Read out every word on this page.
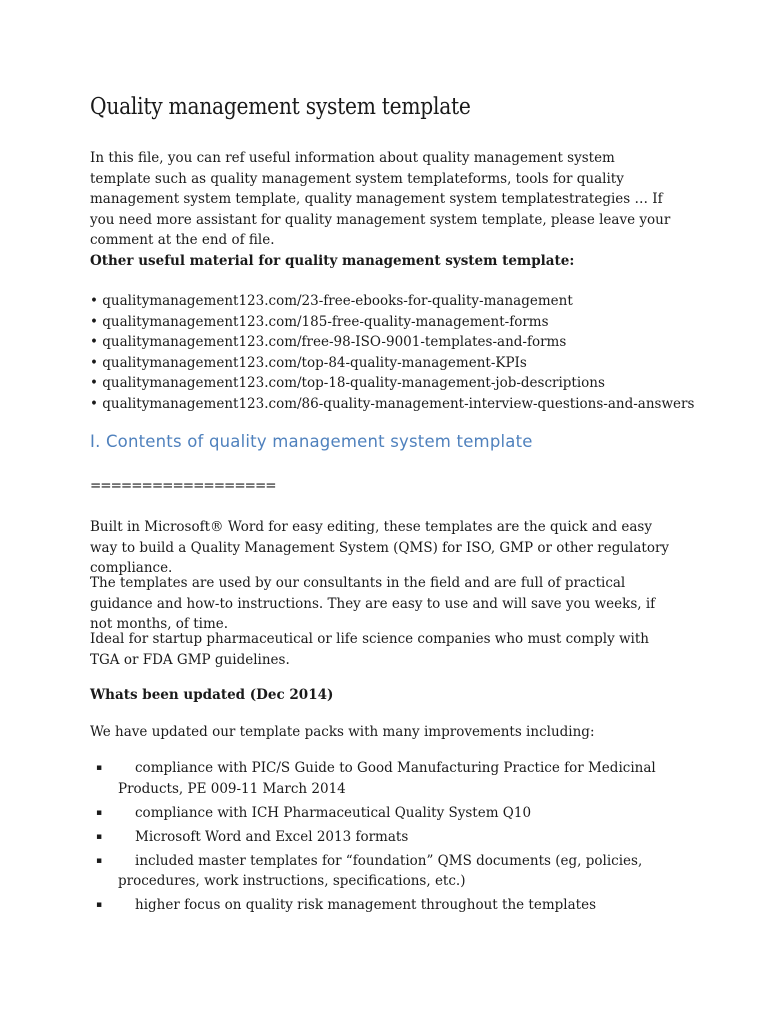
Quality management system template

In this file, you can ref useful information about quality management system template such as quality management system templateforms, tools for quality management system template, quality management system templatestrategies … If you need more assistant for quality management system template, please leave your comment at the end of file.

Other useful material for quality management system template:
• qualitymanagement123.com/23-free-ebooks-for-quality-management
• qualitymanagement123.com/185-free-quality-management-forms
• qualitymanagement123.com/free-98-ISO-9001-templates-and-forms
• qualitymanagement123.com/top-84-quality-management-KPIs
• qualitymanagement123.com/top-18-quality-management-job-descriptions
• qualitymanagement123.com/86-quality-management-interview-questions-and-answers
I. Contents of quality management system template
==================

Built in Microsoft® Word for easy editing, these templates are the quick and easy way to build a Quality Management System (QMS) for ISO, GMP or other regulatory compliance.

The templates are used by our consultants in the field and are full of practical guidance and how-to instructions. They are easy to use and will save you weeks, if not months, of time.

Ideal for startup pharmaceutical or life science companies who must comply with TGA or FDA GMP guidelines.

Whats been updated (Dec 2014)
We have updated our template packs with many improvements including:
▪	compliance with PIC/S Guide to Good Manufacturing Practice for Medicinal Products, PE 009-11 March 2014
▪	compliance with ICH Pharmaceutical Quality System Q10
▪	Microsoft Word and Excel 2013 formats
▪	included master templates for “foundation” QMS documents (eg, policies, procedures, work instructions, specifications, etc.)
▪	higher focus on quality risk management throughout the templates
